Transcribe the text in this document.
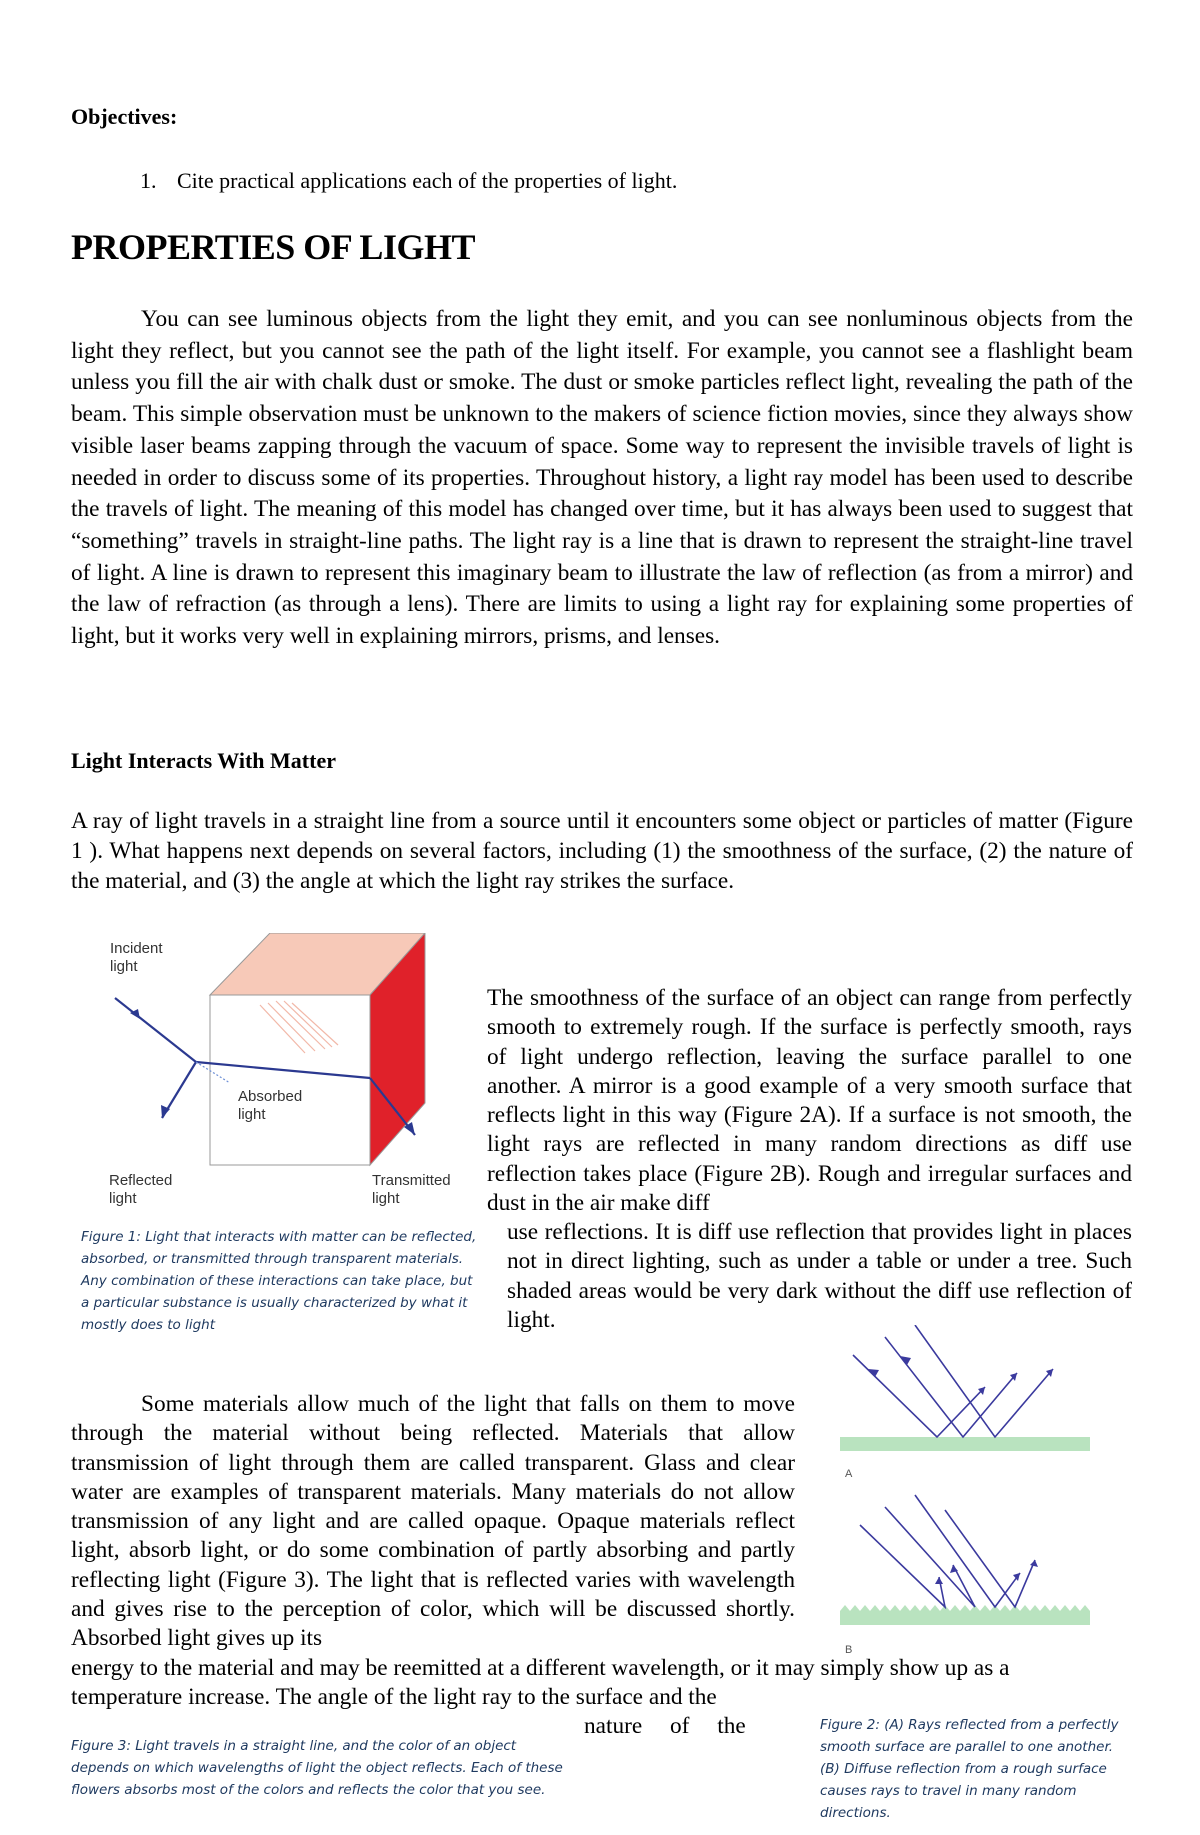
Objectives:
1. Cite practical applications each of the properties of light.
PROPERTIES OF LIGHT
You can see luminous objects from the light they emit, and you can see nonluminous objects from the light they reflect, but you cannot see the path of the light itself. For example, you cannot see a flashlight beam unless you fill the air with chalk dust or smoke. The dust or smoke particles reflect light, revealing the path of the beam. This simple observation must be unknown to the makers of science fiction movies, since they always show visible laser beams zapping through the vacuum of space. Some way to represent the invisible travels of light is needed in order to discuss some of its properties. Throughout history, a light ray model has been used to describe the travels of light. The meaning of this model has changed over time, but it has always been used to suggest that “something” travels in straight-line paths. The light ray is a line that is drawn to represent the straight-line travel of light. A line is drawn to represent this imaginary beam to illustrate the law of reflection (as from a mirror) and the law of refraction (as through a lens). There are limits to using a light ray for explaining some properties of light, but it works very well in explaining mirrors, prisms, and lenses.
Light Interacts With Matter
A ray of light travels in a straight line from a source until it encounters some object or particles of matter (Figure 1 ). What happens next depends on several factors, including (1) the smoothness of the surface, (2) the nature of the material, and (3) the angle at which the light ray strikes the surface.
Incident
light
Absorbed
light
Reflected
light
Transmitted
light
Figure 1: Light that interacts with matter can be reflected, absorbed, or transmitted through transparent materials. Any combination of these interactions can take place, but a particular substance is usually characterized by what it mostly does to light
The smoothness of the surface of an object can range from perfectly smooth to extremely rough. If the surface is perfectly smooth, rays of light undergo reflection, leaving the surface parallel to one another. A mirror is a good example of a very smooth surface that reflects light in this way (Figure 2A). If a surface is not smooth, the light rays are reflected in many random directions as diff use reflection takes place (Figure 2B). Rough and irregular surfaces and dust in the air make diff
use reflections. It is diff use reflection that provides light in places not in direct lighting, such as under a table or under a tree. Such shaded areas would be very dark without the diff use reflection of light.
A
B
Some materials allow much of the light that falls on them to move through the material without being reflected. Materials that allow transmission of light through them are called transparent. Glass and clear water are examples of transparent materials. Many materials do not allow transmission of any light and are called opaque. Opaque materials reflect light, absorb light, or do some combination of partly absorbing and partly reflecting light (Figure 3). The light that is reflected varies with wavelength and gives rise to the perception of color, which will be discussed shortly. Absorbed light gives up its
energy to the material and may be reemitted at a different wavelength, or it may simply show up as a
temperature increase. The angle of the light ray to the surface and the
nature of the	Figure 2: (A) Rays reflected from a perfectly smooth surface are parallel to one another. (B) Diffuse reflection from a rough surface causes rays to travel in many random directions.
Figure 3: Light travels in a straight line, and the color of an object depends on which wavelengths of light the object reflects. Each of these flowers absorbs most of the colors and reflects the color that you see.
